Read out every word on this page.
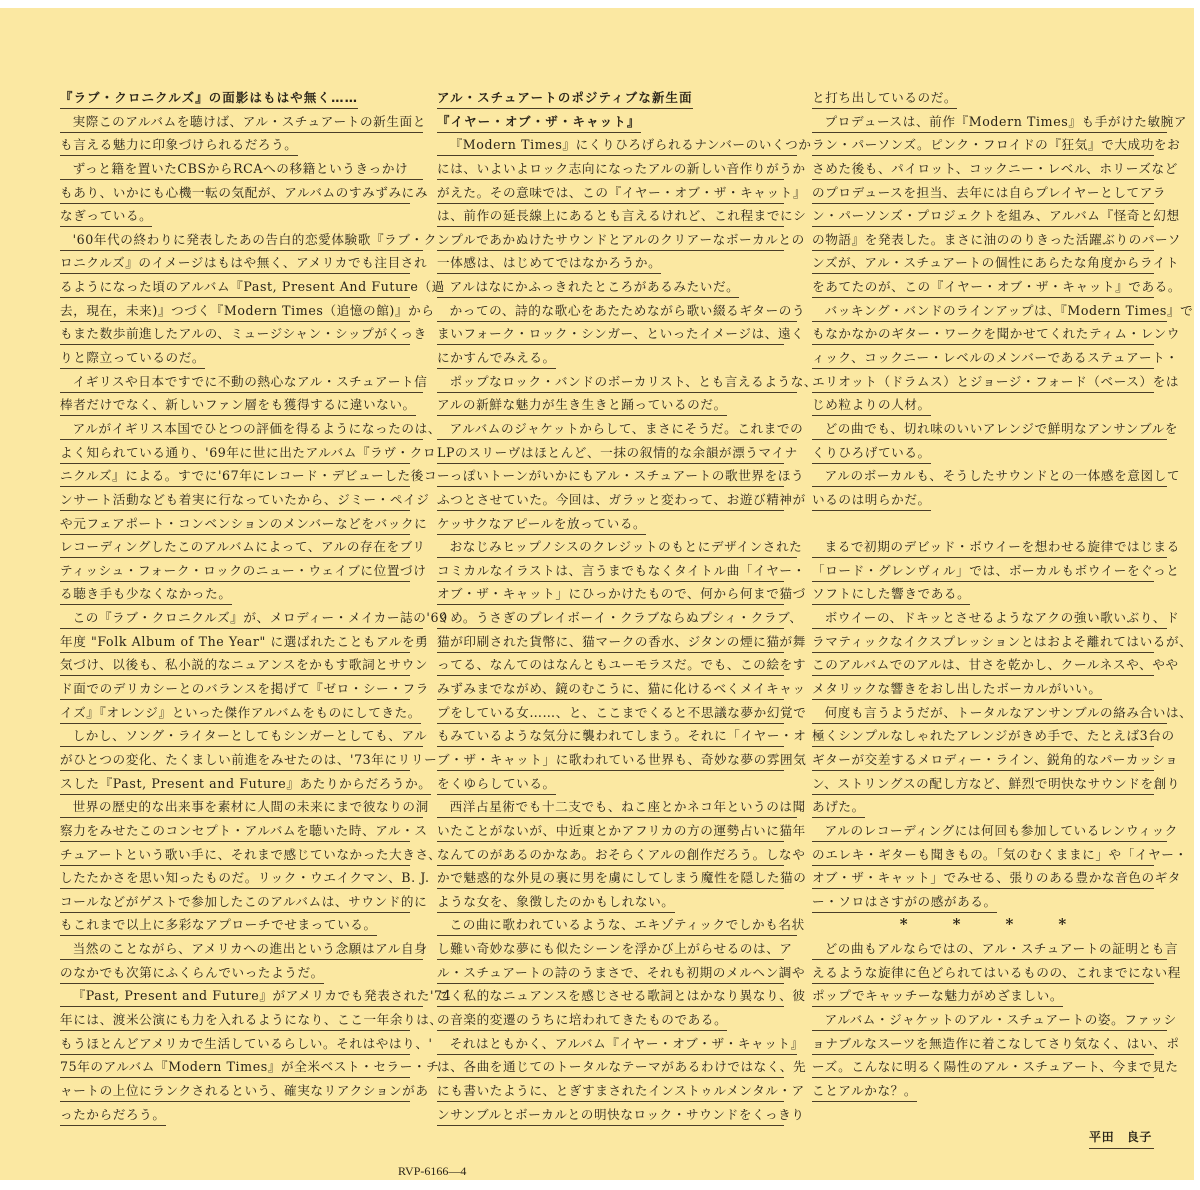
『ラブ・クロニクルズ』の面影はもはや無く……
実際このアルバムを聴けば、アル・スチュアートの新生面と
も言える魅力に印象づけられるだろう。
ずっと籍を置いたCBSからRCAへの移籍というきっかけ
もあり、いかにも心機一転の気配が、アルバムのすみずみにみ
なぎっている。
'60年代の終わりに発表したあの告白的恋愛体験歌『ラブ・ク
ロニクルズ』のイメージはもはや無く、アメリカでも注目され
るようになった頃のアルバム『Past, Present And Future（過
去，現在，未来)』つづく『Modern Times（追憶の館)』から
もまた数歩前進したアルの、ミュージシャン・シップがくっき
りと際立っているのだ。
イギリスや日本ですでに不動の熱心なアル・スチュアート信
棒者だけでなく、新しいファン層をも獲得するに違いない。
アルがイギリス本国でひとつの評価を得るようになったのは、
よく知られている通り、'69年に世に出たアルバム『ラヴ・クロ
ニクルズ』による。すでに'67年にレコード・デビューした後コ
ンサート活動なども着実に行なっていたから、ジミー・ペイジ
や元フェアポート・コンベンションのメンバーなどをバックに
レコーディングしたこのアルバムによって、アルの存在をブリ
ティッシュ・フォーク・ロックのニュー・ウェイブに位置づけ
る聴き手も少なくなかった。
この『ラブ・クロニクルズ』が、メロディー・メイカー誌の'69
年度 "Folk Album of The Year" に選ばれたこともアルを勇
気づけ、以後も、私小説的なニュアンスをかもす歌詞とサウン
ド面でのデリカシーとのバランスを掲げて『ゼロ・シー・フラ
イズ』『オレンジ』といった傑作アルバムをものにしてきた。
しかし、ソング・ライターとしてもシンガーとしても、アル
がひとつの変化、たくましい前進をみせたのは、'73年にリリー
スした『Past, Present and Future』あたりからだろうか。
世界の歴史的な出来事を素材に人間の未来にまで彼なりの洞
察力をみせたこのコンセプト・アルバムを聴いた時、アル・ス
チュアートという歌い手に、それまで感じていなかった大きさ、
したたかさを思い知ったものだ。リック・ウエイクマン、B. J.
コールなどがゲストで参加したこのアルバムは、サウンド的に
もこれまで以上に多彩なアプローチでせまっている。
当然のことながら、アメリカへの進出という念願はアル自身
のなかでも次第にふくらんでいったようだ。
『Past, Present and Future』がアメリカでも発表された'74
年には、渡米公演にも力を入れるようになり、ここ一年余りは、
もうほとんどアメリカで生活しているらしい。それはやはり、'
75年のアルバム『Modern Times』が全米ベスト・セラー・チ
ャートの上位にランクされるという、確実なリアクションがあ
ったからだろう。
アル・スチュアートのポジティブな新生面
『イヤー・オブ・ザ・キャット』
『Modern Times』にくりひろげられるナンバーのいくつか
には、いよいよロック志向になったアルの新しい音作りがうか
がえた。その意味では、この『イヤー・オブ・ザ・キャット』
は、前作の延長線上にあるとも言えるけれど、これ程までにシ
ンプルであかぬけたサウンドとアルのクリアーなボーカルとの
一体感は、はじめてではなかろうか。
アルはなにかふっきれたところがあるみたいだ。
かっての、詩的な歌心をあたためながら歌い綴るギターのう
まいフォーク・ロック・シンガー、といったイメージは、遠く
にかすんでみえる。
ポップなロック・バンドのボーカリスト、とも言えるような、
アルの新鮮な魅力が生き生きと踊っているのだ。
アルバムのジャケットからして、まさにそうだ。これまでの
LPのスリーヴはほとんど、一抹の叙情的な余韻が漂うマイナ
ーっぽいトーンがいかにもアル・スチュアートの歌世界をほう
ふつとさせていた。今回は、ガラッと変わって、お遊び精神が
ケッサクなアピールを放っている。
おなじみヒップノシスのクレジットのもとにデザインされた
コミカルなイラストは、言うまでもなくタイトル曲「イヤー・
オブ・ザ・キャット」にひっかけたもので、何から何まで猫づ
くめ。うさぎのプレイボーイ・クラブならぬプシィ・クラブ、
猫が印刷された貨幣に、猫マークの香水、ジタンの煙に猫が舞
ってる、なんてのはなんともユーモラスだ。でも、この絵をす
みずみまでながめ、鏡のむこうに、猫に化けるべくメイキャッ
プをしている女……、と、ここまでくると不思議な夢か幻覚で
もみているような気分に襲われてしまう。それに「イヤー・オ
ブ・ザ・キャット」に歌われている世界も、奇妙な夢の雰囲気
をくゆらしている。
西洋占星術でも十二支でも、ねこ座とかネコ年というのは聞
いたことがないが、中近東とかアフリカの方の運勢占いに猫年
なんてのがあるのかなあ。おそらくアルの創作だろう。しなや
かで魅惑的な外見の裏に男を虜にしてしまう魔性を隠した猫の
ような女を、象徴したのかもしれない。
この曲に歌われているような、エキゾティックでしかも名状
し難い奇妙な夢にも似たシーンを浮かび上がらせるのは、ア
ル・スチュアートの詩のうまさで、それも初期のメルヘン調や
ごく私的なニュアンスを感じさせる歌詞とはかなり異なり、彼
の音楽的変遷のうちに培われてきたものである。
それはともかく、アルバム『イヤー・オブ・ザ・キャット』
は、各曲を通じてのトータルなテーマがあるわけではなく、先
にも書いたように、とぎすまされたインストゥルメンタル・ア
ンサンブルとボーカルとの明快なロック・サウンドをくっきり
と打ち出しているのだ。
プロデュースは、前作『Modern Times』も手がけた敏腕ア
ラン・パーソンズ。ピンク・フロイドの『狂気』で大成功をお
さめた後も、パイロット、コックニー・レベル、ホリーズなど
のプロデュースを担当、去年には自らプレイヤーとしてアラ
ン・パーソンズ・プロジェクトを組み、アルバム『怪奇と幻想
の物語』を発表した。まさに油ののりきった活躍ぶりのパーソ
ンズが、アル・スチュアートの個性にあらたな角度からライト
をあてたのが、この『イヤー・オブ・ザ・キャット』である。
バッキング・バンドのラインアップは、『Modern Times』で
もなかなかのギター・ワークを聞かせてくれたティム・レンウ
ィック、コックニー・レベルのメンバーであるステュアート・
エリオット（ドラムス）とジョージ・フォード（ベース）をは
じめ粒よりの人材。
どの曲でも、切れ味のいいアレンジで鮮明なアンサンブルを
くりひろげている。
アルのボーカルも、そうしたサウンドとの一体感を意図して
いるのは明らかだ。
まるで初期のデビッド・ボウイーを想わせる旋律ではじまる
「ロード・グレンヴィル」では、ボーカルもボウイーをぐっと
ソフトにした響きである。
ボウイーの、ドキッとさせるようなアクの強い歌いぶり、ド
ラマティックなイクスプレッションとはおよそ離れてはいるが、
このアルバムでのアルは、甘さを乾かし、クールネスや、やや
メタリックな響きをおし出したボーカルがいい。
何度も言うようだが、トータルなアンサンブルの絡み合いは、
極くシンプルなしゃれたアレンジがきめ手で、たとえば3台の
ギターが交差するメロディー・ライン、鋭角的なパーカッショ
ン、ストリングスの配し方など、鮮烈で明快なサウンドを創り
あげた。
アルのレコーディングには何回も参加しているレンウィック
のエレキ・ギターも聞きもの。「気のむくままに」や「イヤー・
オブ・ザ・キャット」でみせる、張りのある豊かな音色のギタ
ー・ソロはさすがの感がある。
*   *   *   *
どの曲もアルならではの、アル・スチュアートの証明とも言
えるような旋律に色どられてはいるものの、これまでにない程
ポップでキャッチーな魅力がめざましい。
アルバム・ジャケットのアル・スチュアートの姿。ファッシ
ョナブルなスーツを無造作に着こなしてさり気なく、はい、ポ
ーズ。こんなに明るく陽性のアル・スチュアート、今まで見た
ことアルかな？。
平田　良子
RVP-6166—4
